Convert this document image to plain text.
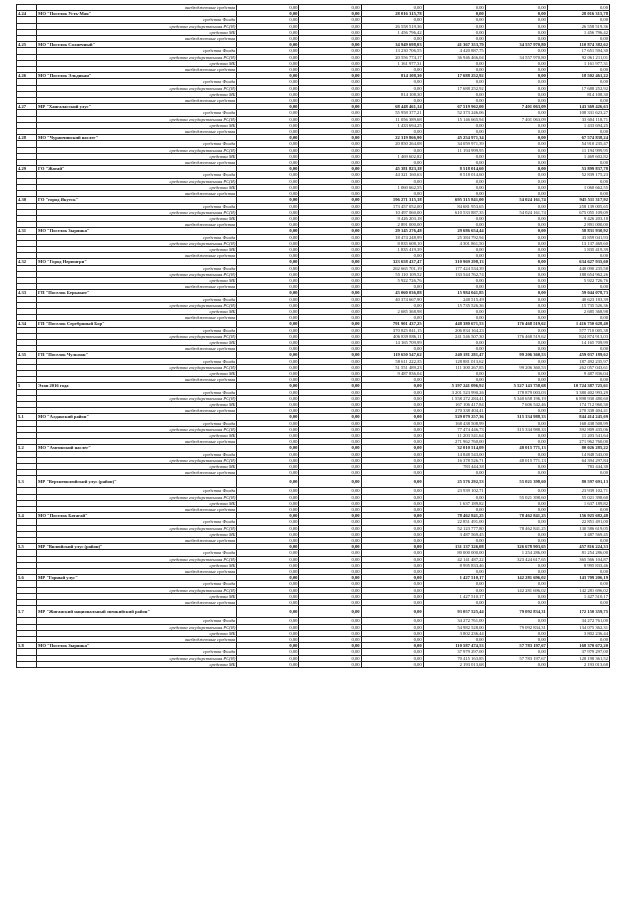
	внебюджетные средства	0,00	0,00	0,00	0,00	0,00	0,00
4.24	МО "Поселок Усть-Мая"	0,00	0,00	28 016 315,78	0,00	0,00	28 016 315,78
	средства Фонда	0,00	0,00	0,00	0,00	0,00	0,00
	средства государственная РС(Я)	0,00	0,00	26 558 519,36	0,00	0,00	26 558 519,36
	средства МБ	0,00	0,00	1 456 796,42	0,00	0,00	1 456 796,42
	внебюджетные средства	0,00	0,00	0,00	0,00	0,00	0,00
4.25	МО "Поселок Солнечный"	0,00	0,00	34 949 698,03	41 367 353,79	34 557 970,80	110 874 382,62
	средства Фонда	0,00	0,00	13 230 706,55	4 420 887,75	0,00	17 651 594,30
	средства государственная РС(Я)	0,00	0,00	20 556 774,17	36 946 466,04	34 557 970,80	92 061 211,01
	средства МБ	0,00	0,00	1 161 977,31	0,00	0,00	1 161 977,31
	внебюджетные средства	0,00	0,00	0,00	0,00	0,00	0,00
4.26	МО "Поселок Эльдикан"	0,00	0,00	814 108,30	17 688 252,92	0,00	18 502 461,22
	средства Фонда	0,00	0,00	0,00	0,00	0,00	0,00
	средства государственная РС(Я)	0,00	0,00	0,00	17 688 252,92	0,00	17 688 252,92
	средства МБ	0,00	0,00	814 108,30	0,00	0,00	814 108,30
	внебюджетные средства	0,00	0,00	0,00	0,00	0,00	0,00
4.27	МР "Хангаласский улус"	0,00	0,00	68 448 461,14	67 519 962,00	7 401 063,09	143 369 426,63
	средства Фонда	0,00	0,00	55 958 377,21	52 373 246,06	0,00	108 331 623,27
	средства государственная РС(Я)	0,00	0,00	11 056 389,68	15 146 665,94	7 401 063,09	33 604 118,71
	средства МБ	0,00	0,00	1 433 694,25	0,00	0,00	1 433 694,25
	внебюджетные средства	0,00	0,00	0,00	0,00	0,00	0,00
4.28	МО "Чурапчинский наслег"	0,00	0,00	22 319 866,90	45 254 971,34	0,00	67 574 838,24
	средства Фонда	0,00	0,00	20 850 264,08	34 059 971,39	0,00	54 910 235,47
	средства государственная РС(Я)	0,00	0,00	0,00	11 194 999,95	0,00	11 194 999,95
	средства МБ	0,00	0,00	1 469 602,82	0,00	0,00	1 469 602,82
	внебюджетные средства	0,00	0,00	0,00	0,00	0,00	0,00
4.29	ГО "Жатай"	0,00	0,00	45 381 823,18	8 518 014,60	0,00	53 899 837,78
	средства Фонда	0,00	0,00	44 321 160,63	8 518 014,60	0,00	52 839 175,23
	средства государственная РС(Я)	0,00	0,00	0,00	0,00	0,00	0,00
	средства МБ	0,00	0,00	1 060 662,55	0,00	0,00	1 060 662,55
	внебюджетные средства	0,00	0,00	0,00	0,00	0,00	0,00
4.30	ГО "город Якутск"	0,00	0,00	196 271 315,18	695 315 841,00	54 024 161,74	945 511 317,92
	средства Фонда	0,00	0,00	173 457 052,00	84 681 953,65	0,00	258 139 005,65
	средства государственная РС(Я)	0,00	0,00	10 497 060,00	610 533 887,35	54 024 161,74	675 055 109,09
	средства МБ	0,00	0,00	9 426 203,18	0,00	0,00	9 426 203,18
	внебюджетные средства	0,00	0,00	2 891 000,00	0,00	0,00	2 891 000,00
4.31	МО "Поселок Зырянка"	0,00	0,00	29 145 276,48	29 686 654,44	0,00	58 831 930,92
	средства Фонда	0,00	0,00	18 474 248,99	25 384 792,94	0,00	43 859 041,93
	средства государственная РС(Я)	0,00	0,00	8 835 608,10	4 301 861,50	0,00	13 137 469,60
	средства МБ	0,00	0,00	1 835 419,39	0,00	0,00	1 835 419,39
	внебюджетные средства	0,00	0,00	0,00	0,00	0,00	0,00
4.32	МО "Город Нерюнгри"	0,00	0,00	323 658 437,47	310 969 298,13	0,00	634 627 935,60
	средства Фонда	0,00	0,00	262 665 701,19	177 424 534,39	0,00	440 090 235,58
	средства государственная РС(Я)	0,00	0,00	55 110 109,52	133 544 762,74	0,00	188 654 962,26
	средства МБ	0,00	0,00	5 922 726,76	0,00	0,00	5 922 726,76
	внебюджетные средства	0,00	0,00	0,00	0,00	0,00	0,00
4.33	ГП "Поселок Беркакит"	0,00	0,00	43 060 036,88	15 984 041,85	0,00	59 044 078,73
	средства Фонда	0,00	0,00	40 374 667,90	248 515,49	0,00	40 623 183,39
	средства государственная РС(Я)	0,00	0,00	0,00	15 735 526,36	0,00	15 735 526,36
	средства МБ	0,00	0,00	2 685 368,98	0,00	0,00	2 685 368,98
	внебюджетные средства	0,00	0,00	0,00	0,00	0,00	0,00
4.34	ГП "Поселок Серебряный Бор"	0,00	0,00	791 901 437,25	448 380 671,53	176 468 519,62	1 416 750 628,40
	средства Фонда	0,00	0,00	370 825 841,15	206 834 164,23	0,00	577 710 005,38
	средства государственная РС(Я)	0,00	0,00	406 839 886,11	241 546 507,30	176 468 519,62	824 874 913,03
	средства МБ	0,00	0,00	14 165 709,99	0,00	0,00	14 165 709,99
	внебюджетные средства	0,00	0,00	0,00	0,00	0,00	0,00
4.35	ГП "Поселок Чульман"	0,00	0,00	119 650 547,62	240 181 281,47	99 206 360,53	459 037 189,62
	средства Фонда	0,00	0,00	58 611 222,35	128 881 013,62	0,00	187 492 235,97
	средства государственная РС(Я)	0,00	0,00	51 551 489,23	111 300 267,85	99 206 360,53	262 057 043,61
	средства МБ	0,00	0,00	9 487 836,04	0,00	0,00	9 487 836,04
	внебюджетные средства	0,00	0,00	0,00	0,00	0,00	0,00
5	Этап 2016 года	0,00	0,00	0,00	5 197 241 096,92	5 527 143 758,68	10 724 387 725,61
	средства Фонда	0,00	0,00	0,00	3 201 523 990,26	178 879 003,03	3 380 402 993,29
	средства государственная РС(Я)	0,00	0,00	0,00	1 558 272 284,41	5 340 658 196,19	6 898 930 480,60
	средства МБ	0,00	0,00	0,00	167 106 417,84	7 606 542,46	174 712 960,30
	внебюджетные средства	0,00	0,00	0,00	270 338 404,41	0,00	270 338 404,41
5.1	МО "Алданский район"	0,00	0,00	0,00	529 079 257,36	315 334 988,33	844 414 245,69
	средства Фонда	0,00	0,00	0,00	168 438 508,99	0,00	168 438 508,99
	средства государственная РС(Я)	0,00	0,00	0,00	77 474 446,73	315 334 988,33	392 809 435,06
	средства МБ	0,00	0,00	0,00	11 203 541,64	0,00	11 203 541,64
	внебюджетные средства	0,00	0,00	0,00	271 962 760,00	0,00	271 962 760,00
5.2	МО "Амгинский наслег"	0,00	0,00	0,00	32 010 514,09	48 015 771,13	80 026 285,22
	средства Фонда	0,00	0,00	0,00	14 848 543,00	0,00	14 848 543,00
	средства государственная РС(Я)	0,00	0,00	0,00	16 378 526,71	48 015 771,13	64 394 297,84
	средства МБ	0,00	0,00	0,00	783 444,38	0,00	783 444,38
	внебюджетные средства	0,00	0,00	0,00	0,00	0,00	0,00
5.3	МР "Верхневилюйский улус (район)"	0,00	0,00	0,00	25 576 292,53	55 021 398,60	80 597 691,13
	средства Фонда	0,00	0,00	0,00	23 939 102,71	0,00	23 939 102,71
	средства государственная РС(Я)	0,00	0,00	0,00	0,00	55 021 398,60	55 021 398,60
	средства МБ	0,00	0,00	0,00	1 637 189,82	0,00	1 637 189,82
	внебюджетные средства	0,00	0,00	0,00	0,00	0,00	0,00
5.4	МО "Поселок Батагай"	0,00	0,00	0,00	78 462 841,25	78 462 841,25	156 925 682,48
	средства Фонда	0,00	0,00	0,00	22 851 491,00	0,00	22 851 491,00
	средства государственная РС(Я)	0,00	0,00	0,00	52 123 777,80	78 462 841,25	130 586 619,05
	средства МБ	0,00	0,00	0,00	3 487 569,45	0,00	3 487 569,45
	внебюджетные средства	0,00	0,00	0,00	0,00	0,00	0,00
5.5	МР "Вилюйский улус (район)"	0,00	0,00	0,00	131 137 326,08	326 678 903,65	457 816 224,33
	средства Фонда	0,00	0,00	0,00	80 000 000,00	1 254 286,00	81 254 286,00
	средства государственная РС(Я)	0,00	0,00	0,00	42 141 487,22	323 424 617,65	365 566 104,87
	средства МБ	0,00	0,00	0,00	8 995 833,46	0,00	8 995 833,46
	внебюджетные средства	0,00	0,00	0,00	0,00	0,00	0,00
5.6	МР "Горный улус"	0,00	0,00	0,00	1 427 510,17	142 281 696,02	143 709 206,19
	средства Фонда	0,00	0,00	0,00	0,00	0,00	0,00
	средства государственная РС(Я)	0,00	0,00	0,00	0,00	142 281 696,02	142 281 696,02
	средства МБ	0,00	0,00	0,00	1 427 510,17	0,00	1 427 510,17
	внебюджетные средства	0,00	0,00	0,00	0,00	0,00	0,00
5.7	МР "Жиганский национальный эвенкийский район"	0,00	0,00	0,00	93 057 525,44	79 092 834,31	172 150 359,75
	средства Фонда	0,00	0,00	0,00	34 272 761,00	0,00	34 272 761,00
	средства государственная РС(Я)	0,00	0,00	0,00	54 982 528,00	79 092 834,31	134 075 362,31
	средства МБ	0,00	0,00	0,00	3 802 236,44	0,00	3 802 236,44
	внебюджетные средства	0,00	0,00	0,00	0,00	0,00	0,00
5.8	МО "Поселок Зырянка"	0,00	0,00	0,00	110 587 474,53	57 783 197,67	168 370 672,20
	средства Фонда	0,00	0,00	0,00	37 979 297,00	0,00	37 979 297,00
	средства государственная РС(Я)	0,00	0,00	0,00	70 415 163,85	57 783 197,67	128 198 361,52
	средства МБ	0,00	0,00	0,00	2 193 013,68	0,00	2 193 013,68
